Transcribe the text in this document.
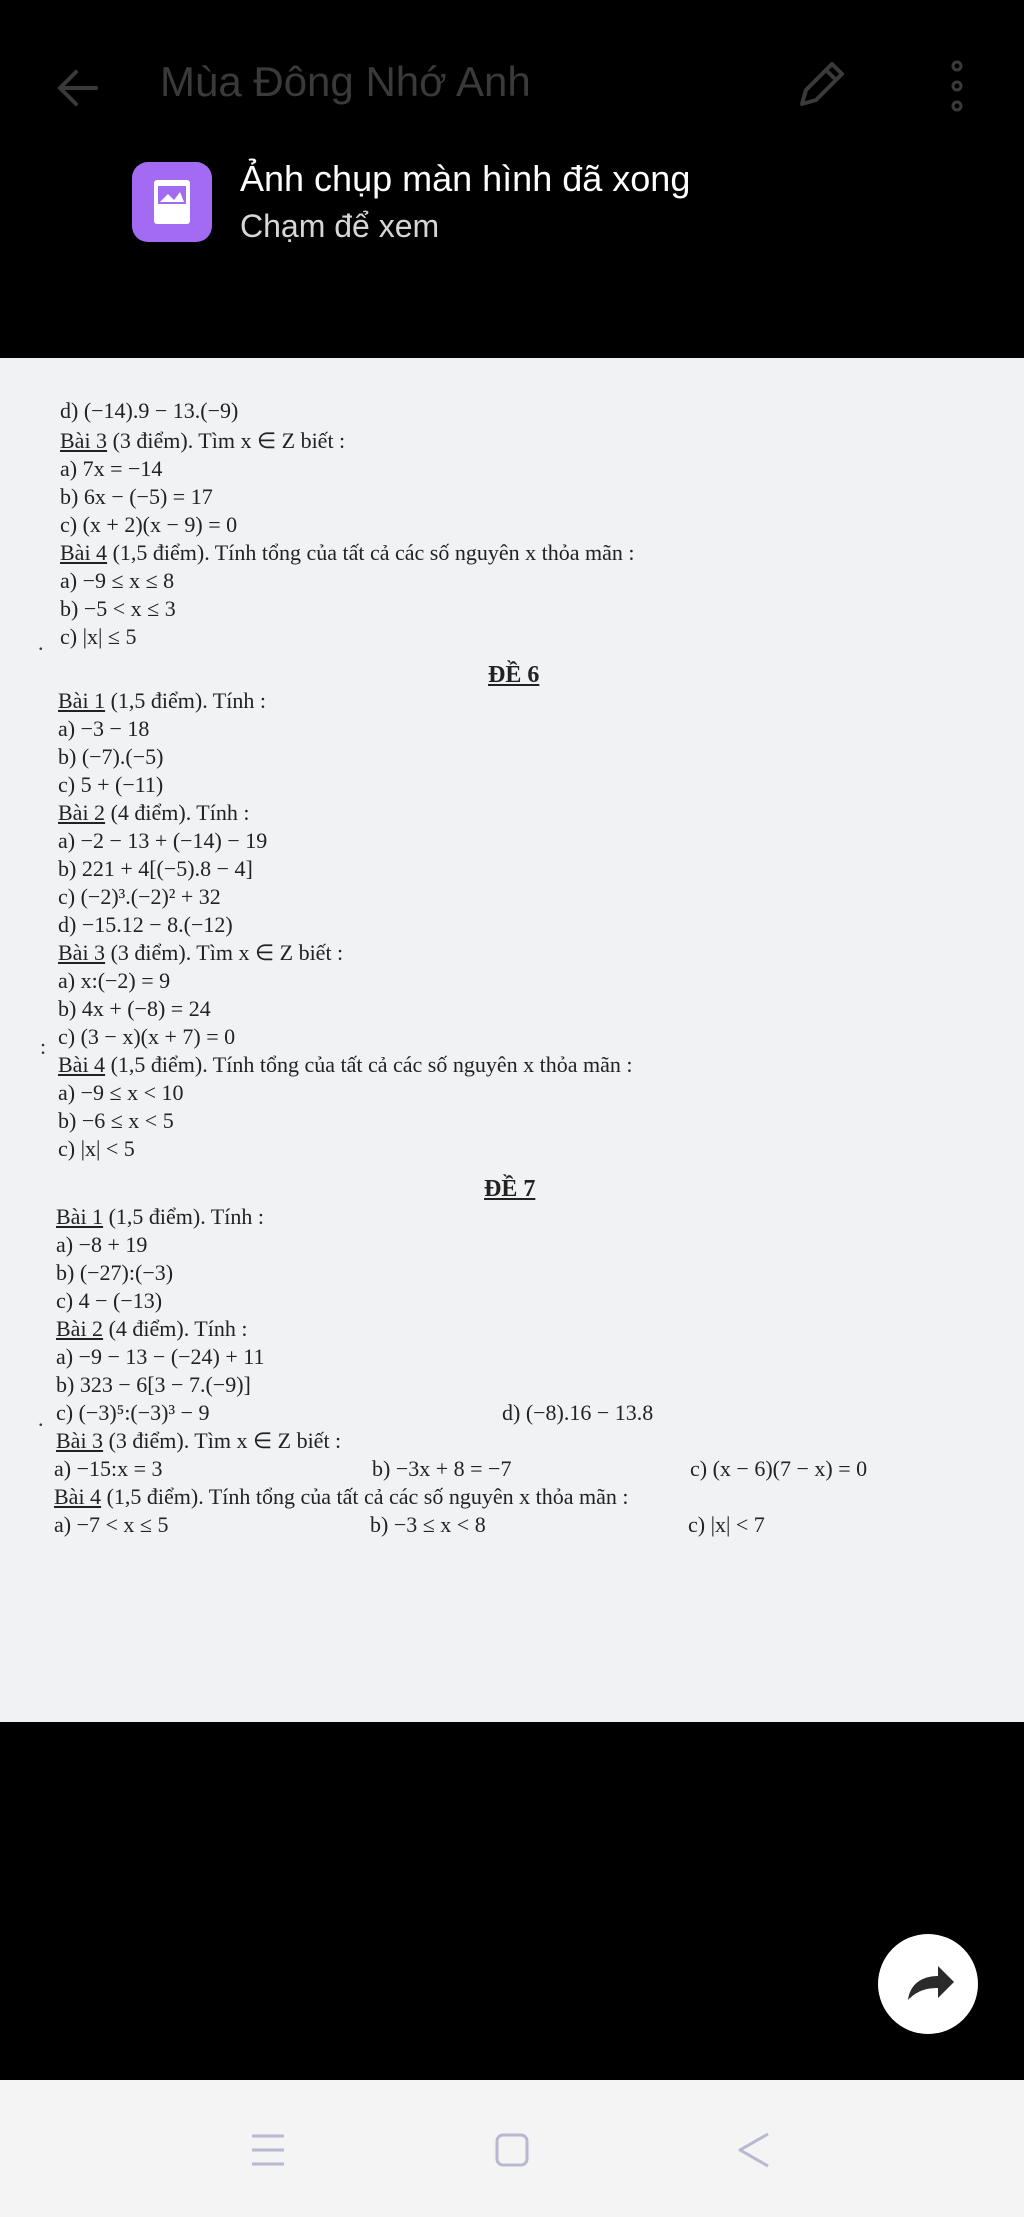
Mùa Đông Nhớ Anh
Ảnh chụp màn hình đã xong
Chạm để xem
d) (−14).9 − 13.(−9)
Bài 3 (3 điểm). Tìm x ∈ Z biết :
a) 7x = −14
b) 6x − (−5) = 17
c) (x + 2)(x − 9) = 0
Bài 4 (1,5 điểm). Tính tổng của tất cả các số nguyên x thỏa mãn :
a) −9 ≤ x ≤ 8
b) −5 < x ≤ 3
c) |x| ≤ 5
ĐỀ 6
Bài 1 (1,5 điểm). Tính :
a) −3 − 18
b) (−7).(−5)
c) 5 + (−11)
Bài 2 (4 điểm). Tính :
a) −2 − 13 + (−14) − 19
b) 221 + 4[(−5).8 − 4]
c) (−2)³.(−2)² + 32
d) −15.12 − 8.(−12)
Bài 3 (3 điểm). Tìm x ∈ Z biết :
a) x:(−2) = 9
b) 4x + (−8) = 24
c) (3 − x)(x + 7) = 0
Bài 4 (1,5 điểm). Tính tổng của tất cả các số nguyên x thỏa mãn :
a) −9 ≤ x < 10
b) −6 ≤ x < 5
c) |x| < 5
ĐỀ 7
Bài 1 (1,5 điểm). Tính :
a) −8 + 19
b) (−27):(−3)
c) 4 − (−13)
Bài 2 (4 điểm). Tính :
a) −9 − 13 − (−24) + 11
b) 323 − 6[3 − 7.(−9)]
c) (−3)⁵:(−3)³ − 9	d) (−8).16 − 13.8
Bài 3 (3 điểm). Tìm x ∈ Z biết :
a) −15:x = 3	b) −3x + 8 = −7	c) (x − 6)(7 − x) = 0
Bài 4 (1,5 điểm). Tính tổng của tất cả các số nguyên x thỏa mãn :
a) −7 < x ≤ 5	b) −3 ≤ x < 8	c) |x| < 7
.
:
.
